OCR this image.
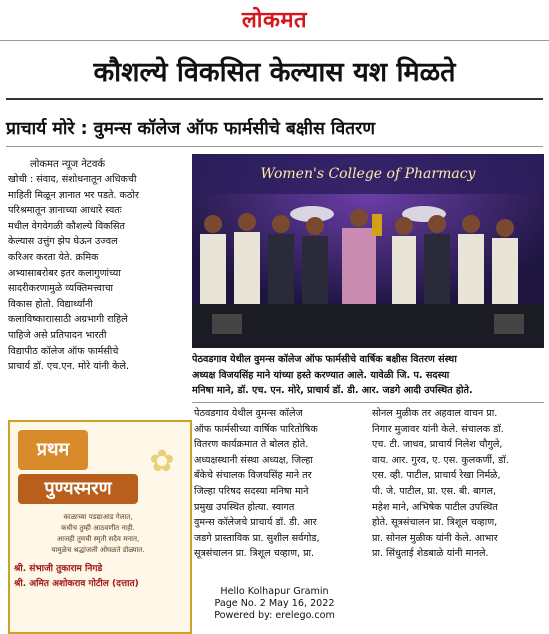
लोकमत
कौशल्ये विकसित केल्यास यश मिळते
प्राचार्य मोरे : वुमन्स कॉलेज ऑफ फार्मसीचे बक्षीस वितरण
लोकमत न्यूज नेटवर्क
खोची : संवाद, संशोधनातून अधिकची
माहिती मिळून ज्ञानात भर पडते. कठोर
परिश्रमातून ज्ञानाच्या आधारे स्वतः
मधील वेगवेगळी कौशल्ये विकसित
केल्यास उत्तुंग झेप घेऊन उज्वल
करिअर करता येते. क्रमिक
अभ्यासाबरोबर इतर कलागुणांच्या
सादरीकरणामुळे व्यक्तिमत्त्वाचा
विकास होतो. विद्यार्थ्यांनी
कलाविष्काराासाठी अग्रभागी राहिले
पाहिजे असे प्रतिपादन भारती
विद्यापीठ कॉलेज ऑफ फार्मसीचे
प्राचार्य डॉ. एच.एन. मोरे यांनी केले.
Women's College of Pharmacy
पेठवडगाव येथील वुमन्स कॉलेज ऑफ फार्मसीचे वार्षिक बक्षीस वितरण संस्था
अध्यक्ष विजयसिंह माने यांच्या हस्ते करण्यात आले. यावेळी जि. प. सदस्या
मनिषा माने, डॉ. एच. एन. मोरे, प्राचार्य डॉ. डी. आर. जडगे आदी उपस्थित होते.
पेठवडगाव येथील वुमन्स कॉलेज
ऑफ फार्मसीच्या वार्षिक पारितोषिक
वितरण कार्यक्रमात ते बोलत होते.
अध्यक्षस्थानी संस्था अध्यक्ष, जिल्हा
बँकेचे संचालक विजयसिंह माने तर
जिल्हा परिषद सदस्या मनिषा माने
प्रमुख उपस्थित होत्या. स्वागत
वुमन्स कॉलेजचे प्राचार्य डॉ. डी. आर
जडगे प्रास्ताविक प्रा. सुशील सर्वगोड,
सूत्रसंचालन प्रा. त्रिशूल चव्हाण, प्रा.
सोनल मुळीक तर अहवाल वाचन प्रा.
निगार मुजावर यांनी केले. संचालक डॉ.
एच. टी. जाधव, प्राचार्य निलेश चौगुले,
वाय. आर. गुरव, ए. एस. कुलकर्णी, डॉ.
एस. व्ही. पाटील, प्राचार्य रेखा निर्मळे,
पी. जे. पाटील, प्रा. एस. बी. बागल,
महेश माने, अभिषेक पाटील उपस्थित
होते. सूत्रसंचालन प्रा. त्रिशूल चव्हाण,
प्रा. सोनल मुळीक यांनी केले. आभार
प्रा. सिंधुताई शेडबाळे यांनी मानले.
प्रथम
पुण्यस्मरण
✿
काळाच्या पडद्याआड गेलात,
कधीच तुम्ही आठवणीत नाही.
आजही तुमची स्मृती सदैव मनात,
यामुळेच श्रद्धांजली ओघळते डोळ्यात.
श्री. संभाजी तुकाराम निगडे
श्री. अमित अशोकराव गोटील (दत्तात)
Hello Kolhapur Gramin
Page No. 2 May 16, 2022
Powered by: erelego.com
